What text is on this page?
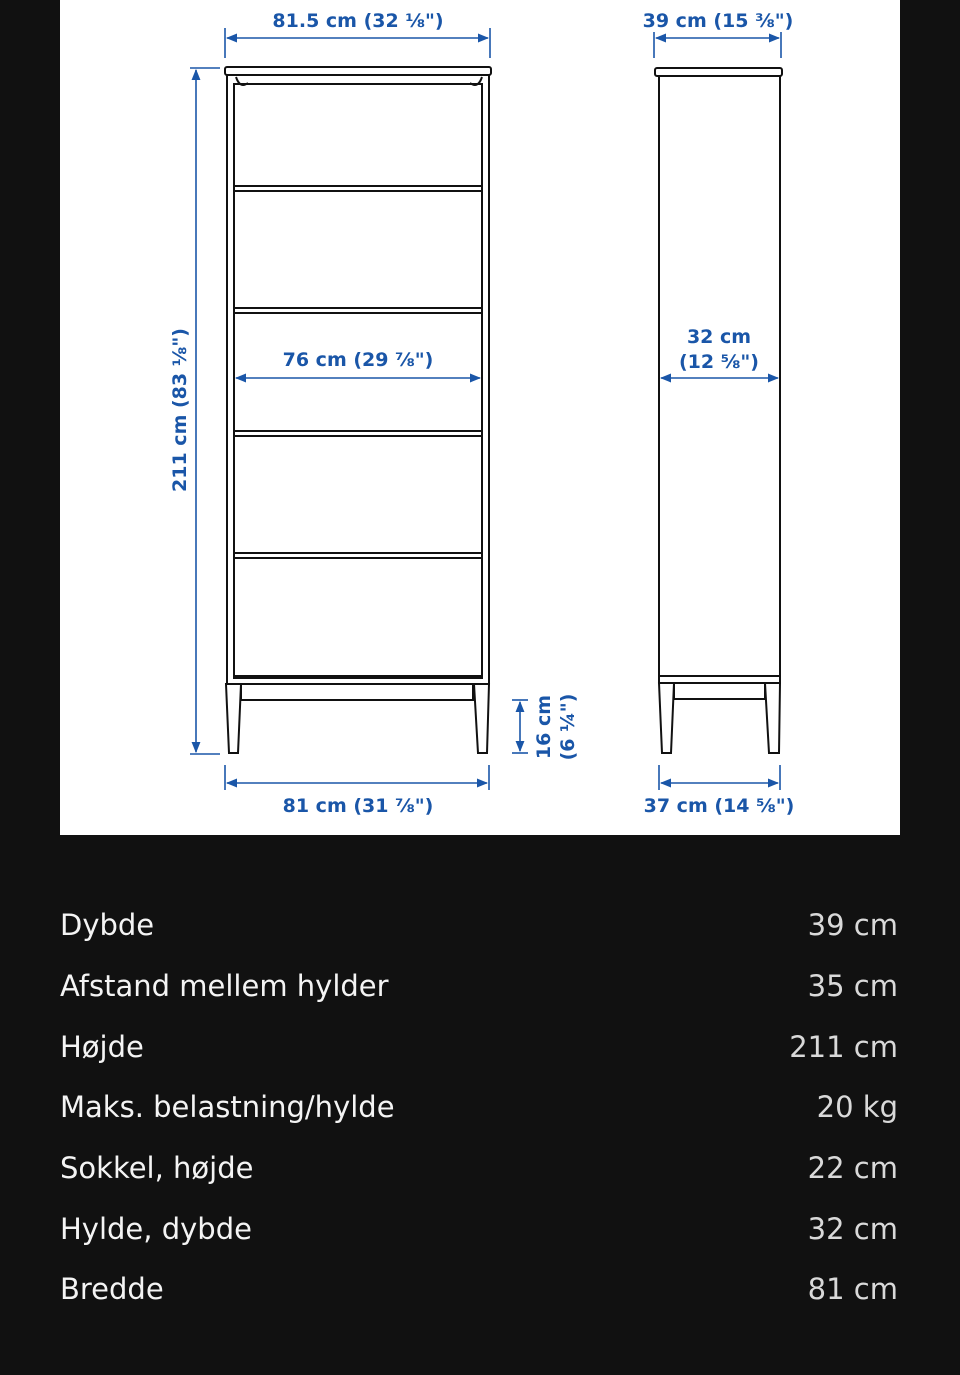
81.5 cm (32 ⅛")
211 cm (83 ⅛")	76 cm (29 ⅞")
16 cm (6 ¼")
81 cm (31 ⅞")
39 cm (15 ⅜")
32 cm
(12 ⅝")
37 cm (14 ⅝")
Dybde	39 cm
Afstand mellem hylder	35 cm
Højde	211 cm
Maks. belastning/hylde	20 kg
Sokkel, højde	22 cm
Hylde, dybde	32 cm
Bredde	81 cm
